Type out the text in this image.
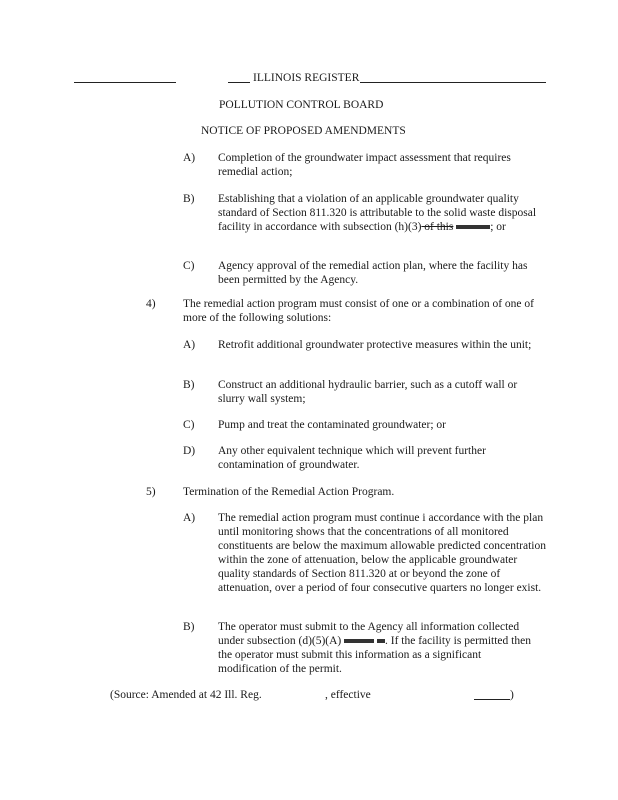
ILLINOIS REGISTER
POLLUTION CONTROL BOARD
NOTICE OF PROPOSED AMENDMENTS
A) Completion of the groundwater impact assessment that requires remedial action;
B) Establishing that a violation of an applicable groundwater quality standard of Section 811.320 is attributable to the solid waste disposal facility in accordance with subsection (h)(3) of this	; or
C) Agency approval of the remedial action plan, where the facility has been permitted by the Agency.
4) The remedial action program must consist of one or a combination of one of more of the following solutions:
A) Retrofit additional groundwater protective measures within the unit;
B) Construct an additional hydraulic barrier, such as a cutoff wall or slurry wall system;
C) Pump and treat the contaminated groundwater; or
D) Any other equivalent technique which will prevent further contamination of groundwater.
5) Termination of the Remedial Action Program.
A) The remedial action program must continue i accordance with the plan until monitoring shows that the concentrations of all monitored constituents are below the maximum allowable predicted concentration within the zone of attenuation, below the applicable groundwater quality standards of Section 811.320 at or beyond the zone of attenuation, over a period of four consecutive quarters no longer exist.
B) The operator must submit to the Agency all information collected under subsection (d)(5)(A)	. If the facility is permitted then the operator must submit this information as a significant modification of the permit.
(Source: Amended at 42 Ill. Reg.	, effective	)
